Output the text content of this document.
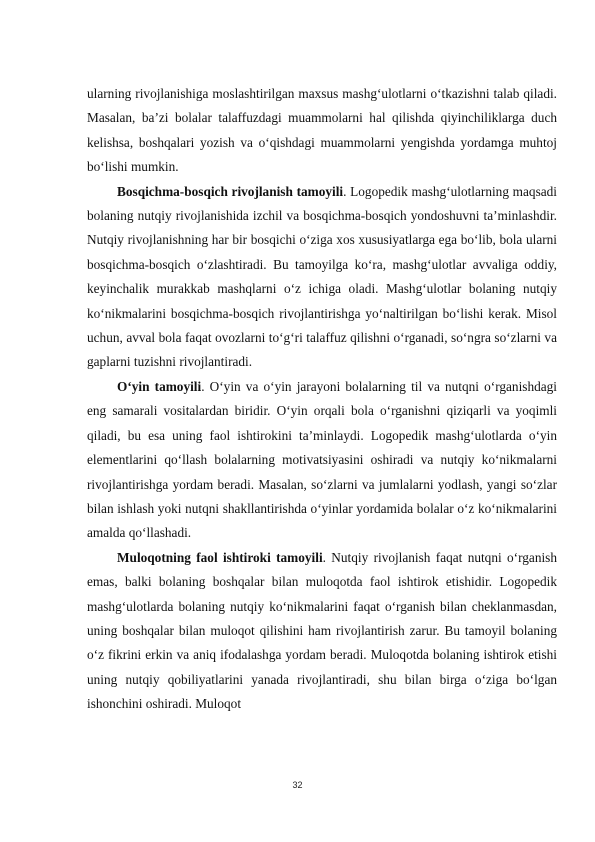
ularning rivojlanishiga moslashtirilgan maxsus mashg‘ulotlarni o‘tkazishni talab qiladi. Masalan, ba’zi bolalar talaffuzdagi muammolarni hal qilishda qiyinchiliklarga duch kelishsa, boshqalari yozish va o‘qishdagi muammolarni yengishda yordamga muhtoj bo‘lishi mumkin.

Bosqichma-bosqich rivojlanish tamoyili. Logopedik mashg‘ulotlarning maqsadi bolaning nutqiy rivojlanishida izchil va bosqichma-bosqich yondoshuvni ta’minlashdir. Nutqiy rivojlanishning har bir bosqichi o‘ziga xos xususiyatlarga ega bo‘lib, bola ularni bosqichma-bosqich o‘zlashtiradi. Bu tamoyilga ko‘ra, mashg‘ulotlar avvaliga oddiy, keyinchalik murakkab mashqlarni o‘z ichiga oladi. Mashg‘ulotlar bolaning nutqiy ko‘nikmalarini bosqichma-bosqich rivojlantirishga yo‘naltirilgan bo‘lishi kerak. Misol uchun, avval bola faqat ovozlarni to‘g‘ri talaffuz qilishni o‘rganadi, so‘ngra so‘zlarni va gaplarni tuzishni rivojlantiradi.

O‘yin tamoyili. O‘yin va o‘yin jarayoni bolalarning til va nutqni o‘rganishdagi eng samarali vositalardan biridir. O‘yin orqali bola o‘rganishni qiziqarli va yoqimli qiladi, bu esa uning faol ishtirokini ta’minlaydi. Logopedik mashg‘ulotlarda o‘yin elementlarini qo‘llash bolalarning motivatsiyasini oshiradi va nutqiy ko‘nikmalarni rivojlantirishga yordam beradi. Masalan, so‘zlarni va jumlalarni yodlash, yangi so‘zlar bilan ishlash yoki nutqni shakllantirishda o‘yinlar yordamida bolalar o‘z ko‘nikmalarini amalda qo‘llashadi.

Muloqotning faol ishtiroki tamoyili. Nutqiy rivojlanish faqat nutqni o‘rganish emas, balki bolaning boshqalar bilan muloqotda faol ishtirok etishidir. Logopedik mashg‘ulotlarda bolaning nutqiy ko‘nikmalarini faqat o‘rganish bilan cheklanmasdan, uning boshqalar bilan muloqot qilishini ham rivojlantirish zarur. Bu tamoyil bolaning o‘z fikrini erkin va aniq ifodalashga yordam beradi. Muloqotda bolaning ishtirok etishi uning nutqiy qobiliyatlarini yanada rivojlantiradi, shu bilan birga o‘ziga bo‘lgan ishonchini oshiradi. Muloqot

32
